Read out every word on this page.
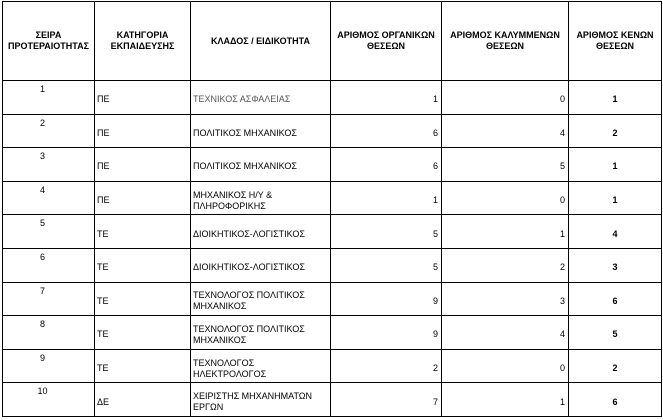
ΣΕΙΡΑ ΠΡΟΤΕΡΑΙΟΤΗΤΑΣ	ΚΑΤΗΓΟΡΙΑ ΕΚΠΑΙΔΕΥΣΗΣ	ΚΛΑΔΟΣ / ΕΙΔΙΚΟΤΗΤΑ	ΑΡΙΘΜΟΣ ΟΡΓΑΝΙΚΩΝ ΘΕΣΕΩΝ	ΑΡΙΘΜΟΣ ΚΑΛΥΜΜΕΝΩΝ ΘΕΣΕΩΝ	ΑΡΙΘΜΟΣ ΚΕΝΩΝ ΘΕΣΕΩΝ
1	ΠΕ	ΤΕΧΝΙΚΟΣ ΑΣΦΑΛΕΙΑΣ	1	0	1
2	ΠΕ	ΠΟΛΙΤΙΚΟΣ ΜΗΧΑΝΙΚΟΣ	6	4	2
3	ΠΕ	ΠΟΛΙΤΙΚΟΣ ΜΗΧΑΝΙΚΟΣ	6	5	1
4	ΠΕ	ΜΗΧΑΝΙΚΟΣ Η/Υ & ΠΛΗΡΟΦΟΡΙΚΗΣ	1	0	1
5	ΤΕ	ΔΙΟΙΚΗΤΙΚΟΣ-ΛΟΓΙΣΤΙΚΟΣ	5	1	4
6	ΤΕ	ΔΙΟΙΚΗΤΙΚΟΣ-ΛΟΓΙΣΤΙΚΟΣ	5	2	3
7	ΤΕ	ΤΕΧΝΟΛΟΓΟΣ ΠΟΛΙΤΙΚΟΣ ΜΗΧΑΝΙΚΟΣ	9	3	6
8	ΤΕ	ΤΕΧΝΟΛΟΓΟΣ ΠΟΛΙΤΙΚΟΣ ΜΗΧΑΝΙΚΟΣ	9	4	5
9	ΤΕ	ΤΕΧΝΟΛΟΓΟΣ ΗΛΕΚΤΡΟΛΟΓΟΣ	2	0	2
10	ΔΕ	ΧΕΙΡΙΣΤΗΣ ΜΗΧΑΝΗΜΑΤΩΝ ΕΡΓΩΝ	7	1	6
